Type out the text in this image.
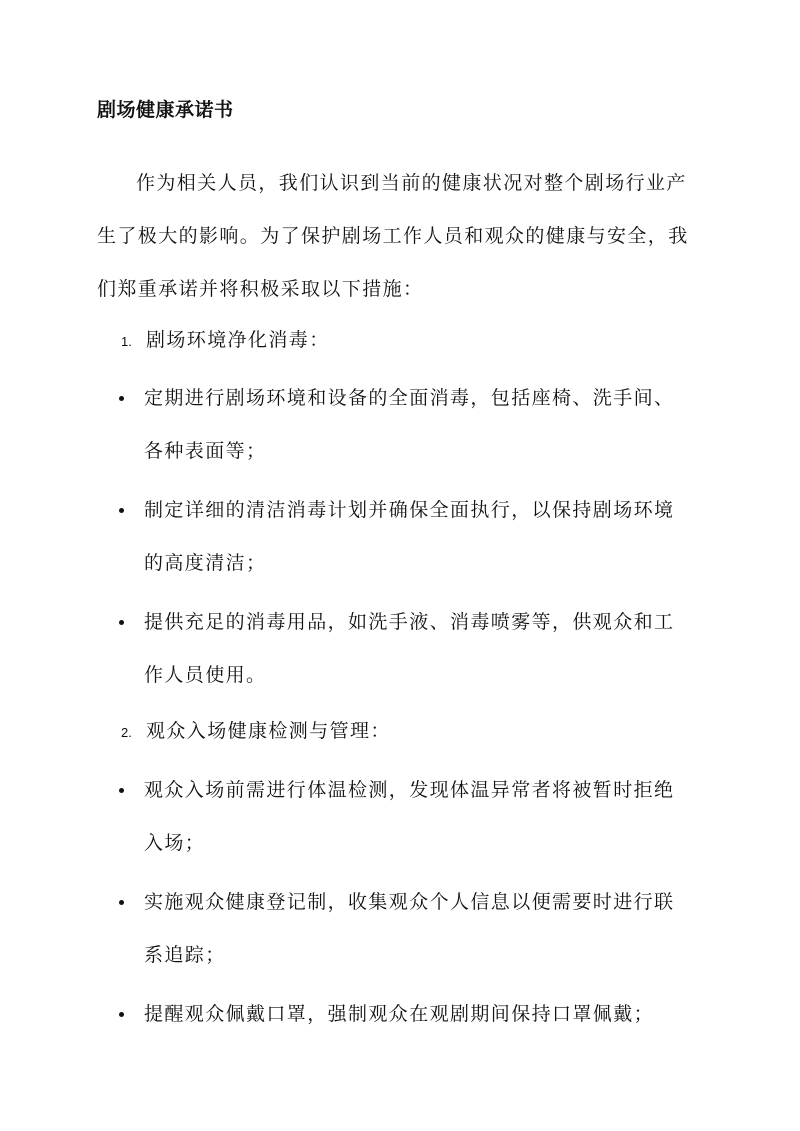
剧场健康承诺书
作为相关人员，我们认识到当前的健康状况对整个剧场行业产
生了极大的影响。为了保护剧场工作人员和观众的健康与安全，我
们郑重承诺并将积极采取以下措施：
1. 剧场环境净化消毒：
定期进行剧场环境和设备的全面消毒，包括座椅、洗手间、
各种表面等；
制定详细的清洁消毒计划并确保全面执行，以保持剧场环境
的高度清洁；
提供充足的消毒用品，如洗手液、消毒喷雾等，供观众和工
作人员使用。
2. 观众入场健康检测与管理：
观众入场前需进行体温检测，发现体温异常者将被暂时拒绝
入场；
实施观众健康登记制，收集观众个人信息以便需要时进行联
系追踪；
提醒观众佩戴口罩，强制观众在观剧期间保持口罩佩戴；
